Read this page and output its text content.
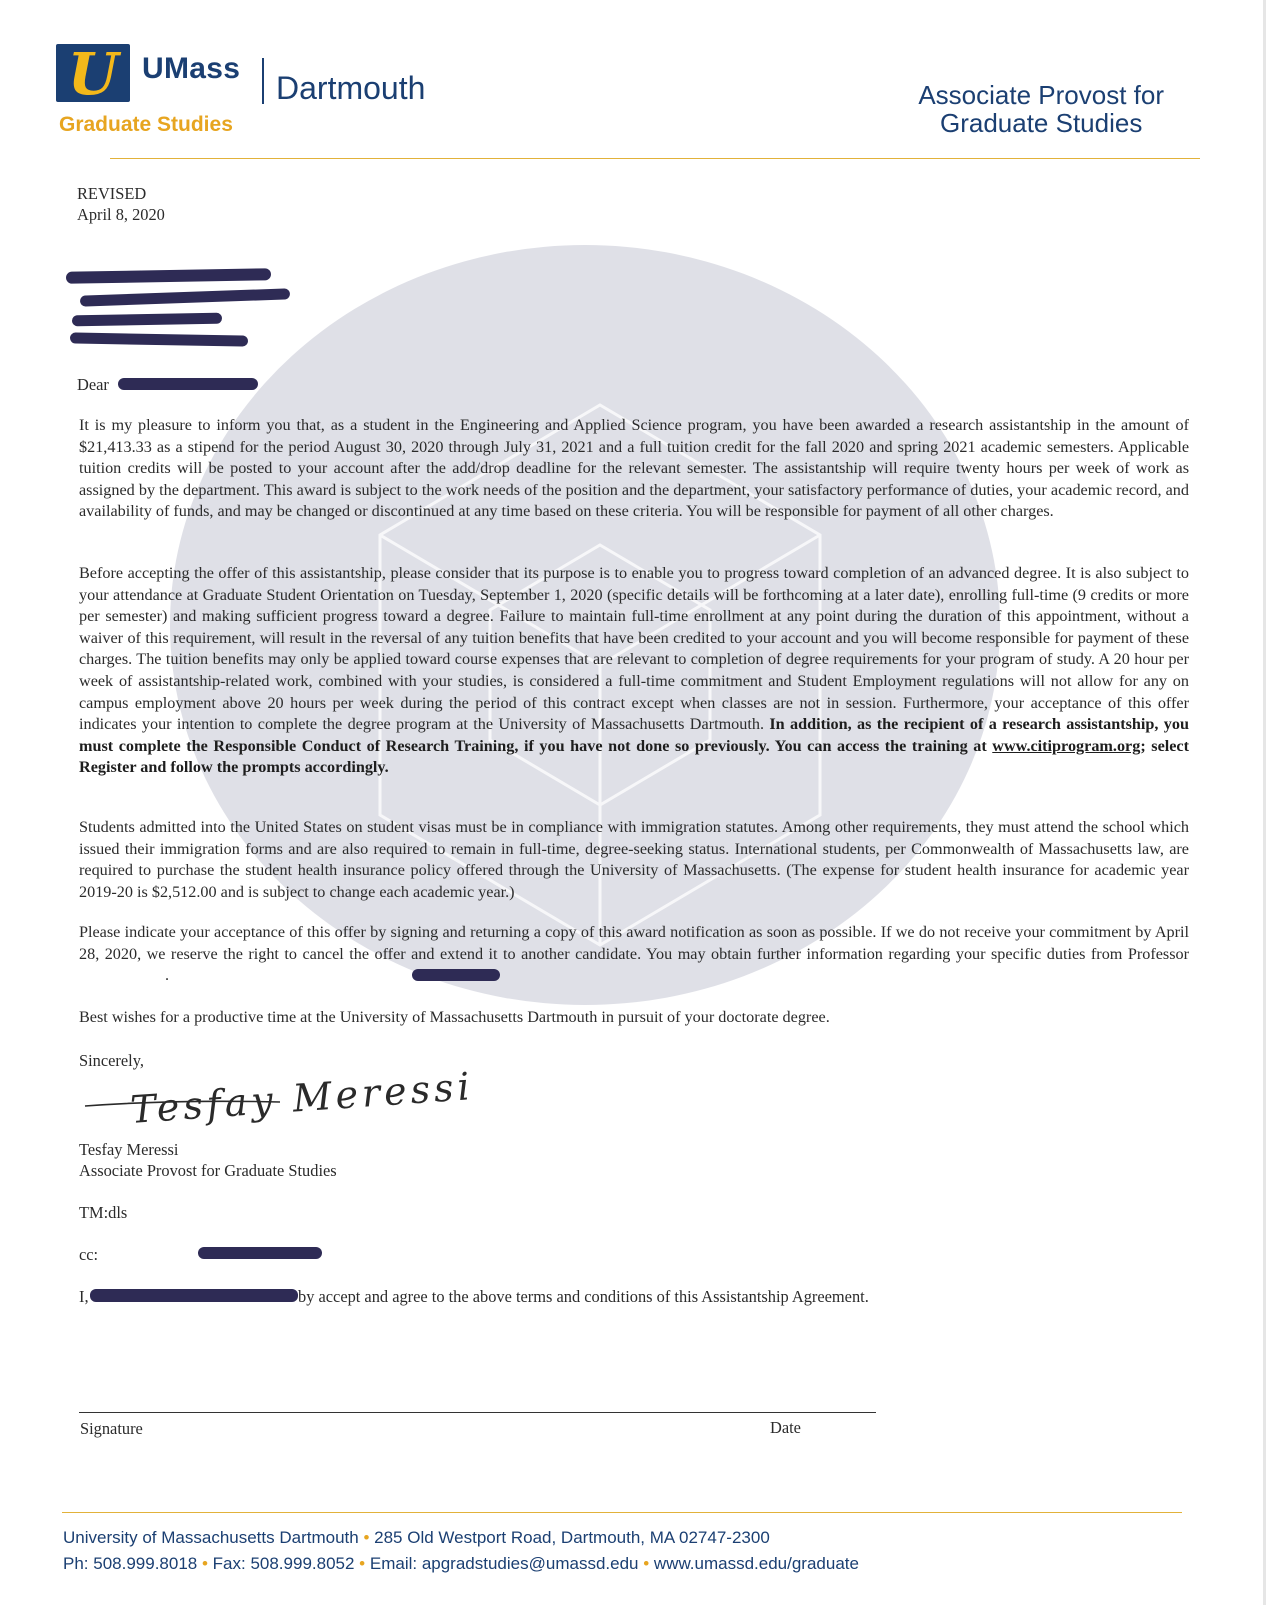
U UMass
Dartmouth
Graduate Studies
Associate Provost for
Graduate Studies
REVISED
April 8, 2020
Dear
It is my pleasure to inform you that, as a student in the Engineering and Applied Science program, you have been awarded a research assistantship in the amount of $21,413.33 as a stipend for the period August 30, 2020 through July 31, 2021 and a full tuition credit for the fall 2020 and spring 2021 academic semesters. Applicable tuition credits will be posted to your account after the add/drop deadline for the relevant semester. The assistantship will require twenty hours per week of work as assigned by the department. This award is subject to the work needs of the position and the department, your satisfactory performance of duties, your academic record, and availability of funds, and may be changed or discontinued at any time based on these criteria. You will be responsible for payment of all other charges.
Before accepting the offer of this assistantship, please consider that its purpose is to enable you to progress toward completion of an advanced degree. It is also subject to your attendance at Graduate Student Orientation on Tuesday, September 1, 2020 (specific details will be forthcoming at a later date), enrolling full-time (9 credits or more per semester) and making sufficient progress toward a degree. Failure to maintain full-time enrollment at any point during the duration of this appointment, without a waiver of this requirement, will result in the reversal of any tuition benefits that have been credited to your account and you will become responsible for payment of these charges. The tuition benefits may only be applied toward course expenses that are relevant to completion of degree requirements for your program of study. A 20 hour per week of assistantship-related work, combined with your studies, is considered a full-time commitment and Student Employment regulations will not allow for any on campus employment above 20 hours per week during the period of this contract except when classes are not in session. Furthermore, your acceptance of this offer indicates your intention to complete the degree program at the University of Massachusetts Dartmouth. In addition, as the recipient of a research assistantship, you must complete the Responsible Conduct of Research Training, if you have not done so previously. You can access the training at www.citiprogram.org; select Register and follow the prompts accordingly.
Students admitted into the United States on student visas must be in compliance with immigration statutes. Among other requirements, they must attend the school which issued their immigration forms and are also required to remain in full-time, degree-seeking status. International students, per Commonwealth of Massachusetts law, are required to purchase the student health insurance policy offered through the University of Massachusetts. (The expense for student health insurance for academic year 2019-20 is $2,512.00 and is subject to change each academic year.)
Please indicate your acceptance of this offer by signing and returning a copy of this award notification as soon as possible. If we do not receive your commitment by April 28, 2020, we reserve the right to cancel the offer and extend it to another candidate. You may obtain further information regarding your specific duties from Professor.
Best wishes for a productive time at the University of Massachusetts Dartmouth in pursuit of your doctorate degree.
Sincerely,
Tesfay Meressi
Tesfay Meressi
Associate Provost for Graduate Studies
TM:dls
cc:
I,	by accept and agree to the above terms and conditions of this Assistantship Agreement.
Signature	Date
University of Massachusetts Dartmouth • 285 Old Westport Road, Dartmouth, MA 02747-2300
Ph: 508.999.8018 • Fax: 508.999.8052 • Email: apgradstudies@umassd.edu • www.umassd.edu/graduate
